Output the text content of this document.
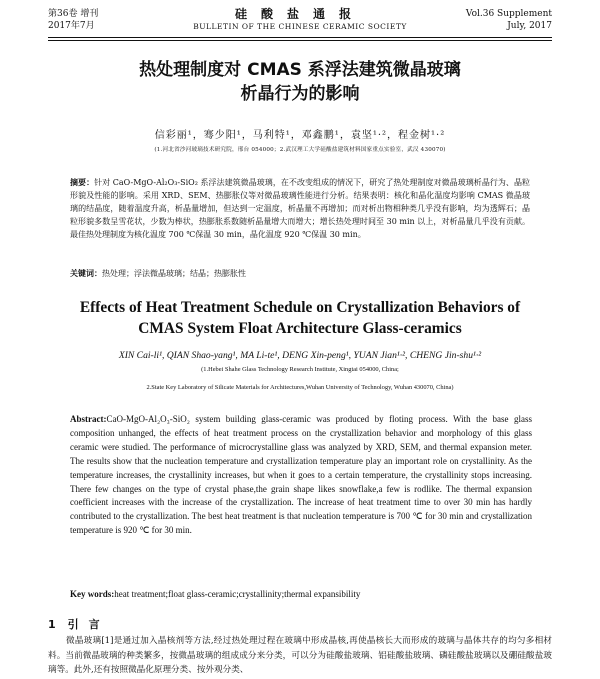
第36卷 增刊
2017年7月
硅酸盐通报
BULLETIN OF THE CHINESE CERAMIC SOCIETY
Vol.36 Supplement
July, 2017
热处理制度对 CMAS 系浮法建筑微晶玻璃
析晶行为的影响
信彩丽¹，骞少阳¹，马利特¹，邓鑫鹏¹，袁坚¹·²，程金树¹·²
(1.河北省沙河玻璃技术研究院，邢台 054000；2.武汉理工大学硅酸盐建筑材料国家重点实验室，武汉 430070)
摘要：针对 CaO-MgO-Al₂O₃-SiO₂ 系浮法建筑微晶玻璃，在不改变组成的情况下，研究了热处理制度对微晶玻璃析晶行为、晶粒形貌及性能的影响。采用 XRD、SEM、热膨胀仪等对微晶玻璃性能进行分析。结果表明：核化和晶化温度均影响 CMAS 微晶玻璃的结晶度，随着温度升高，析晶量增加，但达到一定温度，析晶量不再增加；而对析出物相种类几乎没有影响，均为透辉石；晶粒形貌多数呈雪花状，少数为棒状，热膨胀系数随析晶量增大而增大；增长热处理时间至 30 min 以上，对析晶量几乎没有贡献。最佳热处理制度为核化温度 700 ℃保温 30 min，晶化温度 920 ℃保温 30 min。
关键词：热处理；浮法微晶玻璃；结晶；热膨胀性
Effects of Heat Treatment Schedule on Crystallization Behaviors of
CMAS System Float Architecture Glass-ceramics
XIN Cai-li¹, QIAN Shao-yang¹, MA Li-te¹, DENG Xin-peng¹, YUAN Jian¹·², CHENG Jin-shu¹·²
(1.Hebei Shahe Glass Technology Research Institute, Xingtai 054000, China;
2.State Key Laboratory of Silicate Materials for Architectures,Wuhan University of Technology, Wuhan 430070, China)
Abstract:CaO-MgO-Al₂O₃-SiO₂ system building glass-ceramic was produced by floting process. With the base glass composition unhanged, the effects of heat treatment process on the crystallization behavior and morphology of this glass ceramic were studied. The performance of microcrystalline glass was analyzed by XRD, SEM, and thermal expansion meter. The results show that the nucleation temperature and crystallization temperature play an important role on crystallinity. As the temperature increases, the crystallinity increases, but when it goes to a certain temperature, the crystallinity stops increasing. There few changes on the type of crystal phase,the grain shape likes snowflake,a few is rodlike. The thermal expansion coefficient increases with the increase of the crystallization. The increase of heat treatment time to over 30 min has hardly contributed to the crystallization. The best heat treatment is that nucleation temperature is 700 ℃ for 30 min and crystallization temperature is 920 ℃ for 30 min.
Key words:heat treatment;float glass-ceramic;crystallinity;thermal expansibility
1 引言
微晶玻璃[1]是通过加入晶核剂等方法,经过热处理过程在玻璃中形成晶核,再使晶核长大而形成的玻璃与晶体共存的均匀多相材料。当前微晶玻璃的种类繁多，按微晶玻璃的组成成分来分类，可以分为硅酸盐玻璃、铝硅酸盐玻璃、磷硅酸盐玻璃以及硼硅酸盐玻璃等。此外,还有按照微晶化原理分类、按外观分类、
